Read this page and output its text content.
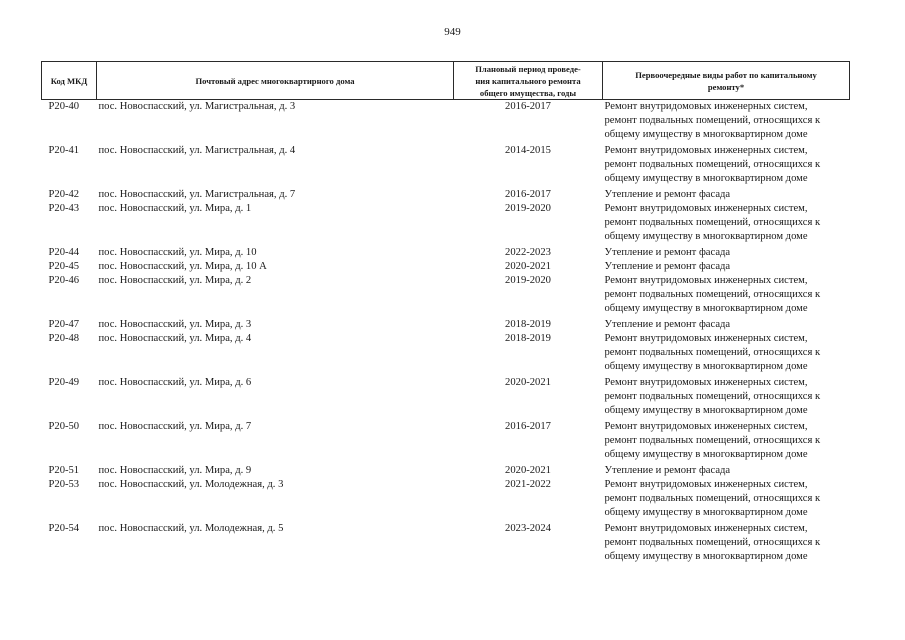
949
Код МКД	Почтовый адрес многоквартирного дома	Плановый период проведе-
ния капитального ремонта
общего имущества, годы	Первоочередные виды работ по капитальному
ремонту*

Р20-40	пос. Новоспасский, ул. Магистральная, д. 3	2016-2017	Ремонт внутридомовых инженерных систем,
ремонт подвальных помещений, относящихся к
общему имуществу в многоквартирном доме

Р20-41	пос. Новоспасский, ул. Магистральная, д. 4	2014-2015	Ремонт внутридомовых инженерных систем,
ремонт подвальных помещений, относящихся к
общему имуществу в многоквартирном доме

Р20-42	пос. Новоспасский, ул. Магистральная, д. 7	2016-2017	Утепление и ремонт фасада

Р20-43	пос. Новоспасский, ул. Мира, д. 1	2019-2020	Ремонт внутридомовых инженерных систем,
ремонт подвальных помещений, относящихся к
общему имуществу в многоквартирном доме

Р20-44	пос. Новоспасский, ул. Мира, д. 10	2022-2023	Утепление и ремонт фасада

Р20-45	пос. Новоспасский, ул. Мира, д. 10 А	2020-2021	Утепление и ремонт фасада

Р20-46	пос. Новоспасский, ул. Мира, д. 2	2019-2020	Ремонт внутридомовых инженерных систем,
ремонт подвальных помещений, относящихся к
общему имуществу в многоквартирном доме

Р20-47	пос. Новоспасский, ул. Мира, д. 3	2018-2019	Утепление и ремонт фасада

Р20-48	пос. Новоспасский, ул. Мира, д. 4	2018-2019	Ремонт внутридомовых инженерных систем,
ремонт подвальных помещений, относящихся к
общему имуществу в многоквартирном доме

Р20-49	пос. Новоспасский, ул. Мира, д. 6	2020-2021	Ремонт внутридомовых инженерных систем,
ремонт подвальных помещений, относящихся к
общему имуществу в многоквартирном доме

Р20-50	пос. Новоспасский, ул. Мира, д. 7	2016-2017	Ремонт внутридомовых инженерных систем,
ремонт подвальных помещений, относящихся к
общему имуществу в многоквартирном доме

Р20-51	пос. Новоспасский, ул. Мира, д. 9	2020-2021	Утепление и ремонт фасада

Р20-53	пос. Новоспасский, ул. Молодежная, д. 3	2021-2022	Ремонт внутридомовых инженерных систем,
ремонт подвальных помещений, относящихся к
общему имуществу в многоквартирном доме

Р20-54	пос. Новоспасский, ул. Молодежная, д. 5	2023-2024	Ремонт внутридомовых инженерных систем,
ремонт подвальных помещений, относящихся к
общему имуществу в многоквартирном доме
